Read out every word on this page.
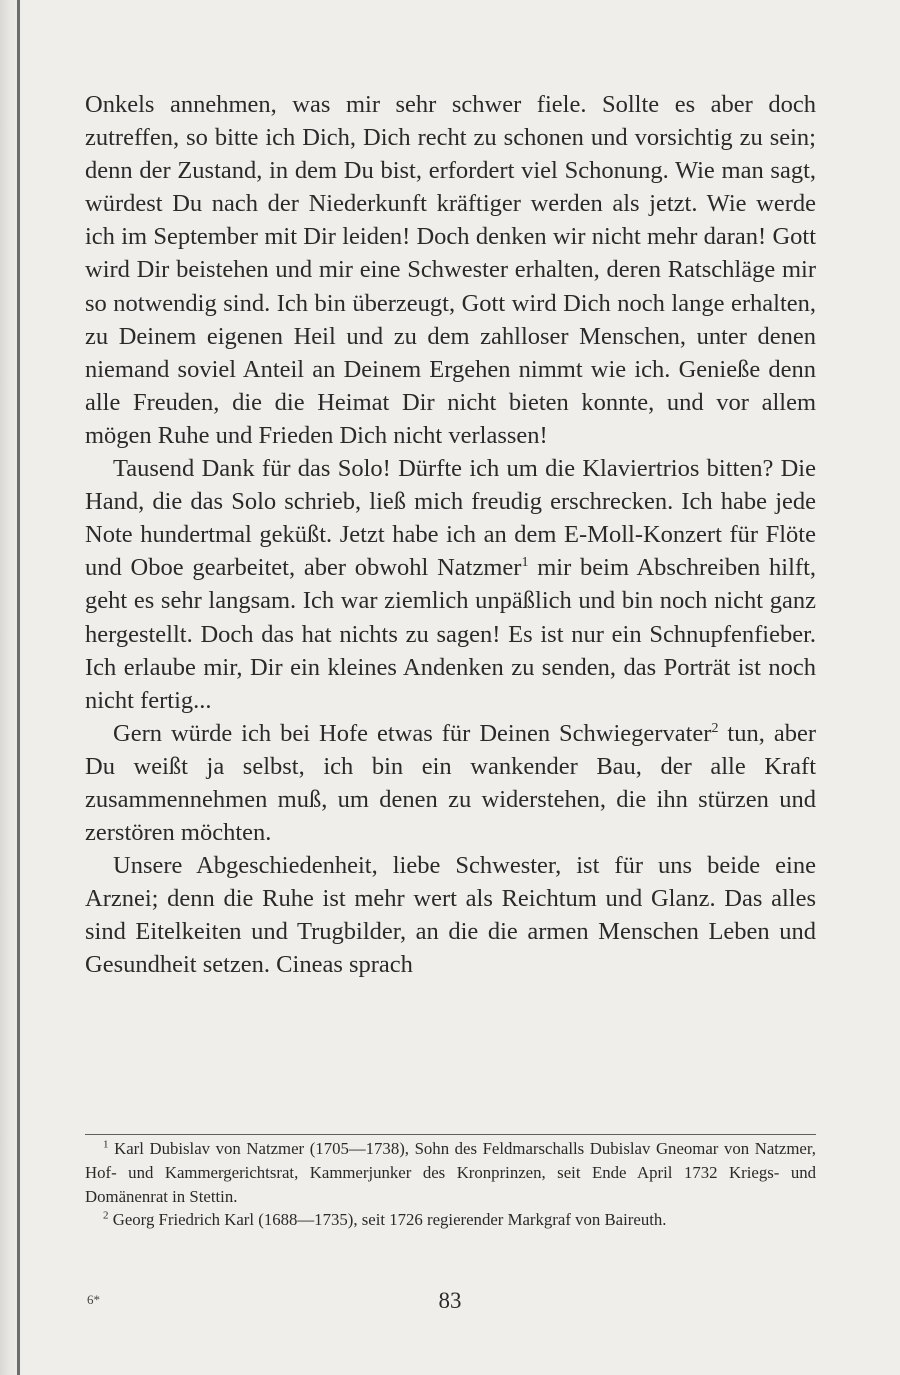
Onkels annehmen, was mir sehr schwer fiele. Sollte es aber doch zutreffen, so bitte ich Dich, Dich recht zu schonen und vorsichtig zu sein; denn der Zustand, in dem Du bist, erfordert viel Schonung. Wie man sagt, würdest Du nach der Niederkunft kräftiger werden als jetzt. Wie werde ich im September mit Dir leiden! Doch denken wir nicht mehr daran! Gott wird Dir beistehen und mir eine Schwester erhalten, deren Ratschläge mir so notwendig sind. Ich bin überzeugt, Gott wird Dich noch lange erhalten, zu Deinem eigenen Heil und zu dem zahlloser Menschen, unter denen niemand soviel Anteil an Deinem Ergehen nimmt wie ich. Genieße denn alle Freuden, die die Heimat Dir nicht bieten konnte, und vor allem mögen Ruhe und Frieden Dich nicht verlassen!

Tausend Dank für das Solo! Dürfte ich um die Klaviertrios bitten? Die Hand, die das Solo schrieb, ließ mich freudig erschrecken. Ich habe jede Note hundertmal geküßt. Jetzt habe ich an dem E-Moll-Konzert für Flöte und Oboe gearbeitet, aber obwohl Natzmer$^1$ mir beim Abschreiben hilft, geht es sehr langsam. Ich war ziemlich unpäßlich und bin noch nicht ganz hergestellt. Doch das hat nichts zu sagen! Es ist nur ein Schnupfenfieber. Ich erlaube mir, Dir ein kleines Andenken zu senden, das Porträt ist noch nicht fertig...

Gern würde ich bei Hofe etwas für Deinen Schwiegervater$^2$ tun, aber Du weißt ja selbst, ich bin ein wankender Bau, der alle Kraft zusammennehmen muß, um denen zu widerstehen, die ihn stürzen und zerstören möchten.

Unsere Abgeschiedenheit, liebe Schwester, ist für uns beide eine Arznei; denn die Ruhe ist mehr wert als Reichtum und Glanz. Das alles sind Eitelkeiten und Trugbilder, an die die armen Menschen Leben und Gesundheit setzen. Cineas sprach

$^1$ Karl Dubislav von Natzmer (1705—1738), Sohn des Feldmarschalls Dubislav Gneomar von Natzmer, Hof- und Kammergerichtsrat, Kammerjunker des Kronprinzen, seit Ende April 1732 Kriegs- und Domänenrat in Stettin.

$^2$ Georg Friedrich Karl (1688—1735), seit 1726 regierender Markgraf von Baireuth.

6*	83
